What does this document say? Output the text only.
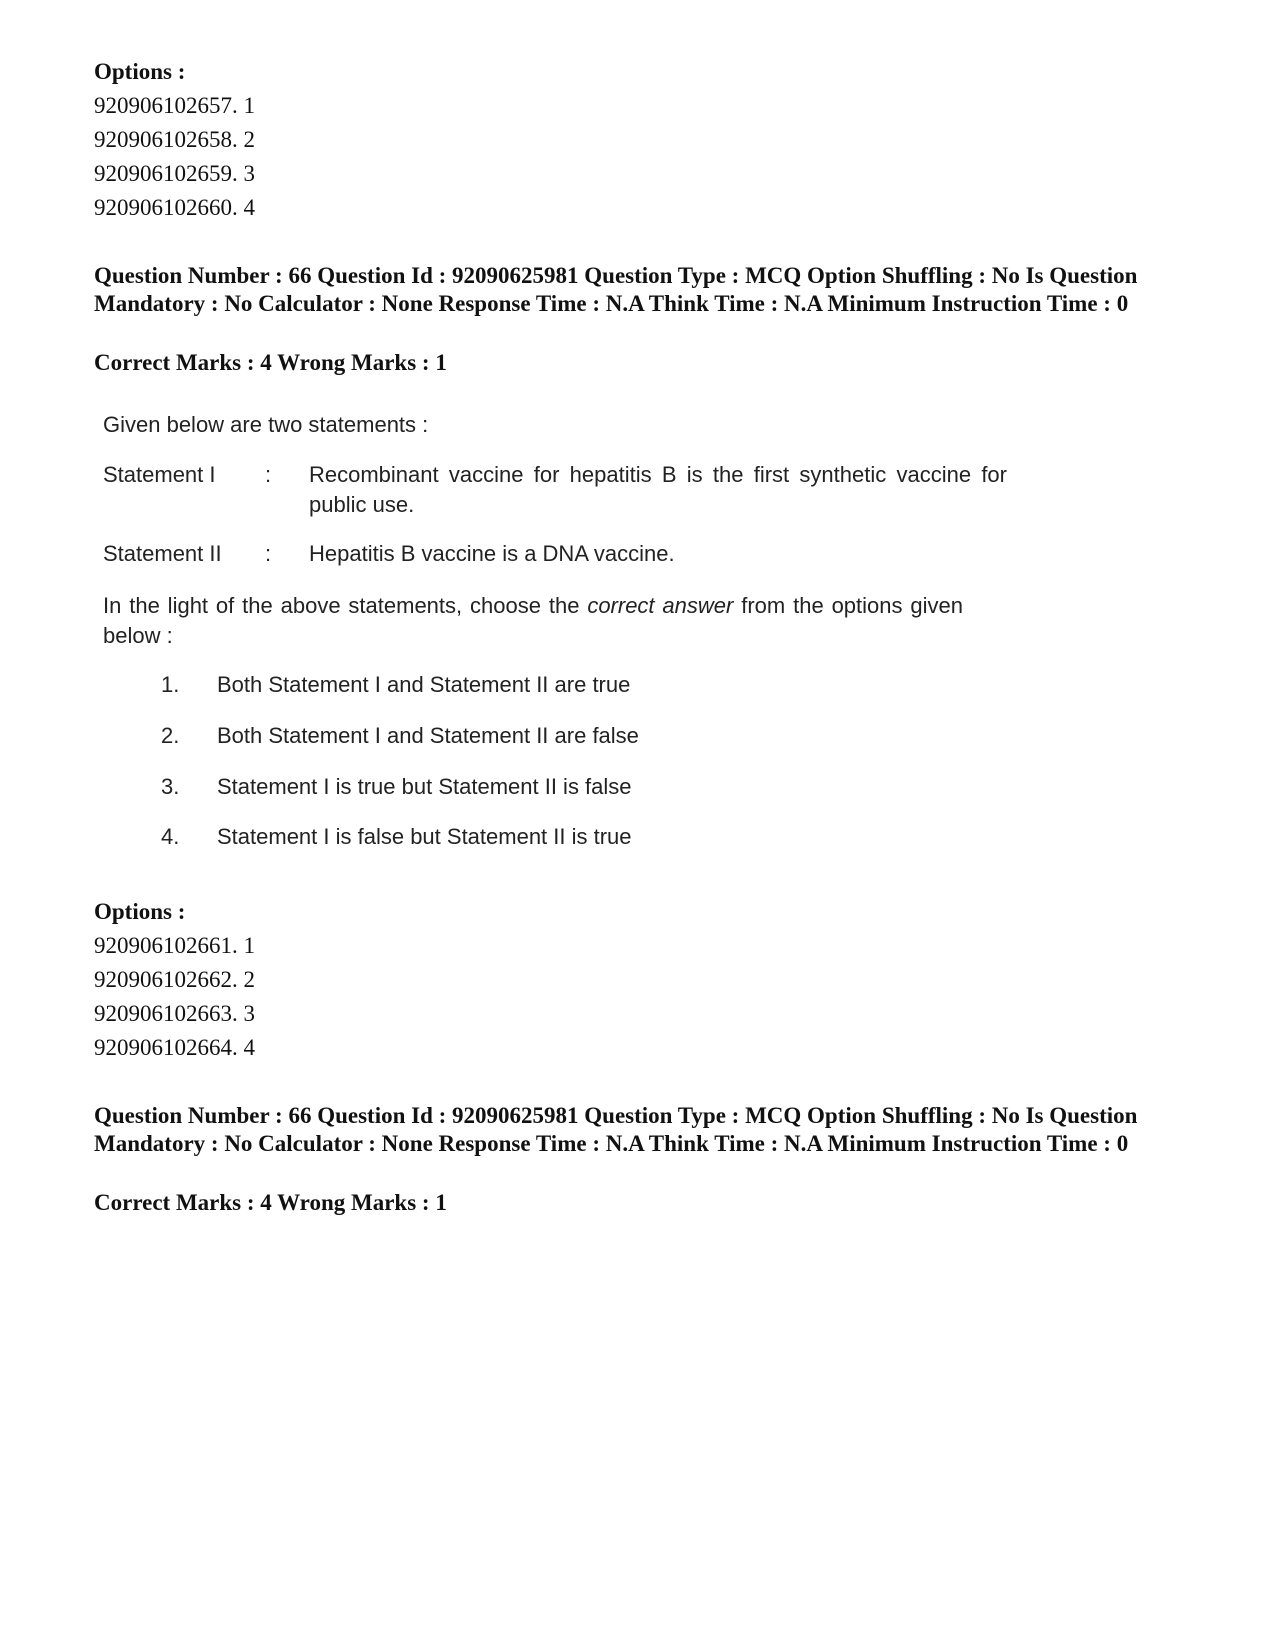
Options :

920906102657. 1
920906102658. 2
920906102659. 3
920906102660. 4

Question Number : 66 Question Id : 92090625981 Question Type : MCQ Option Shuffling : No Is Question Mandatory : No Calculator : None Response Time : N.A Think Time : N.A Minimum Instruction Time : 0

Correct Marks : 4 Wrong Marks : 1

Given below are two statements :
Statement I	:	Recombinant vaccine for hepatitis B is the first synthetic vaccine for public use.
Statement II	:	Hepatitis B vaccine is a DNA vaccine.
In the light of the above statements, choose the correct answer from the options given below :
1. Both Statement I and Statement II are true
2. Both Statement I and Statement II are false
3. Statement I is true but Statement II is false
4. Statement I is false but Statement II is true

Options :

920906102661. 1
920906102662. 2
920906102663. 3
920906102664. 4

Question Number : 66 Question Id : 92090625981 Question Type : MCQ Option Shuffling : No Is Question Mandatory : No Calculator : None Response Time : N.A Think Time : N.A Minimum Instruction Time : 0

Correct Marks : 4 Wrong Marks : 1
